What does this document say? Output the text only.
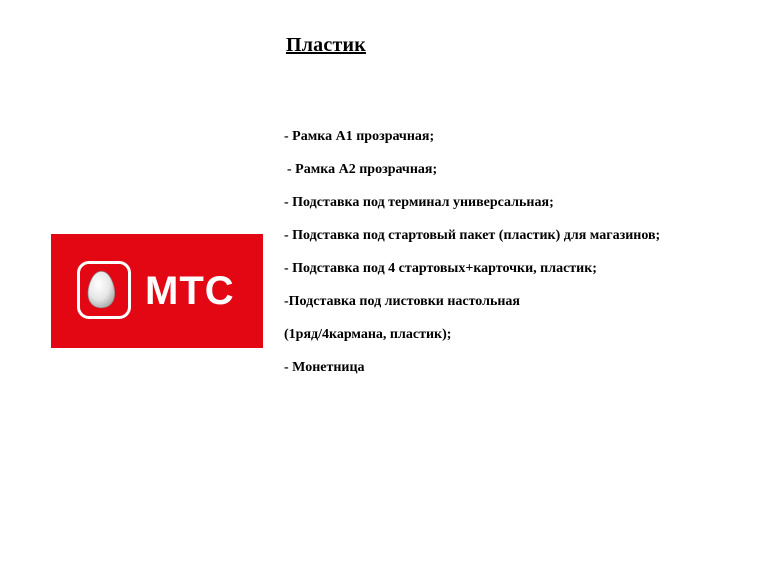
Пластик
МТС
- Рамка А1 прозрачная;
- Рамка А2 прозрачная;
- Подставка под терминал универсальная;
- Подставка под стартовый пакет (пластик) для магазинов;
- Подставка под 4 стартовых+карточки, пластик;
-Подставка под листовки настольная
(1ряд/4кармана, пластик);
- Монетница
